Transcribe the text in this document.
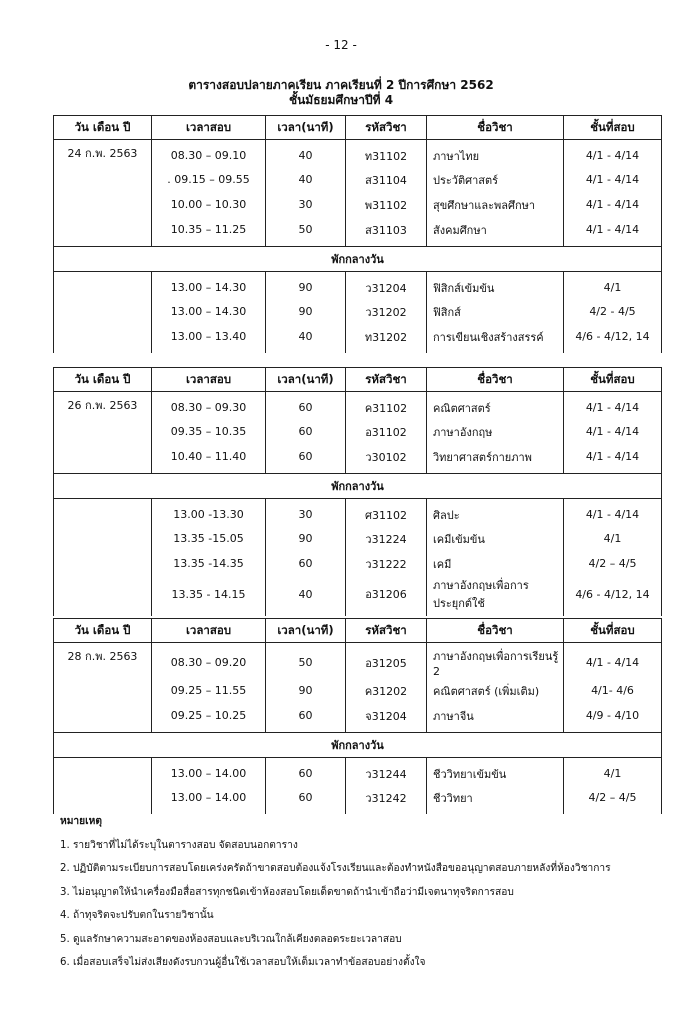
- 12 -
ตารางสอบปลายภาคเรียน ภาคเรียนที่ 2 ปีการศึกษา 2562
ชั้นมัธยมศึกษาปีที่ 4
วัน เดือน ปี	เวลาสอบ	เวลา(นาที)	รหัสวิชา	ชื่อวิชา	ชั้นที่สอบ
24 ก.พ. 2563	08.30 – 09.10	40	ท31102	ภาษาไทย	4/1 - 4/14
	. 09.15 – 09.55	40	ส31104	ประวัติศาสตร์	4/1 - 4/14
	10.00 – 10.30	30	พ31102	สุขศึกษาและพลศึกษา	4/1 - 4/14
	10.35 – 11.25	50	ส31103	สังคมศึกษา	4/1 - 4/14
พักกลางวัน					
	13.00 – 14.30	90	ว31204	ฟิสิกส์เข้มข้น	4/1
	13.00 – 14.30	90	ว31202	ฟิสิกส์	4/2 - 4/5
	13.00 – 13.40	40	ท31202	การเขียนเชิงสร้างสรรค์	4/6 - 4/12, 14
วัน เดือน ปี	เวลาสอบ	เวลา(นาที)	รหัสวิชา	ชื่อวิชา	ชั้นที่สอบ
26 ก.พ. 2563	08.30 – 09.30	60	ค31102	คณิตศาสตร์	4/1 - 4/14
	09.35 – 10.35	60	อ31102	ภาษาอังกฤษ	4/1 - 4/14
	10.40 – 11.40	60	ว30102	วิทยาศาสตร์กายภาพ	4/1 - 4/14
พักกลางวัน					
	13.00 -13.30	30	ศ31102	ศิลปะ	4/1 - 4/14
	13.35 -15.05	90	ว31224	เคมีเข้มข้น	4/1
	13.35 -14.35	60	ว31222	เคมี	4/2 – 4/5
	13.35 - 14.15	40	อ31206	ภาษาอังกฤษเพื่อการประยุกต์ใช้	4/6 - 4/12, 14
วัน เดือน ปี	เวลาสอบ	เวลา(นาที)	รหัสวิชา	ชื่อวิชา	ชั้นที่สอบ
28 ก.พ. 2563	08.30 – 09.20	50	อ31205	ภาษาอังกฤษเพื่อการเรียนรู้ 2	4/1 - 4/14
	09.25 – 11.55	90	ค31202	คณิตศาสตร์ (เพิ่มเติม)	4/1- 4/6
	09.25 – 10.25	60	จ31204	ภาษาจีน	4/9 - 4/10
พักกลางวัน					
	13.00 – 14.00	60	ว31244	ชีววิทยาเข้มข้น	4/1
	13.00 – 14.00	60	ว31242	ชีววิทยา	4/2 – 4/5
หมายเหตุ
1. รายวิชาที่ไม่ได้ระบุในตารางสอบ จัดสอบนอกตาราง
2. ปฏิบัติตามระเบียบการสอบโดยเคร่งครัดถ้าขาดสอบต้องแจ้งโรงเรียนและต้องทำหนังสือขออนุญาตสอบภายหลังที่ห้องวิชาการ
3. ไม่อนุญาตให้นำเครื่องมือสื่อสารทุกชนิดเข้าห้องสอบโดยเด็ดขาดถ้านำเข้าถือว่ามีเจตนาทุจริตการสอบ
4. ถ้าทุจริตจะปรับตกในรายวิชานั้น
5. ดูแลรักษาความสะอาดของห้องสอบและบริเวณใกล้เคียงตลอดระยะเวลาสอบ
6. เมื่อสอบเสร็จไม่ส่งเสียงดังรบกวนผู้อื่นใช้เวลาสอบให้เต็มเวลาทำข้อสอบอย่างตั้งใจ
